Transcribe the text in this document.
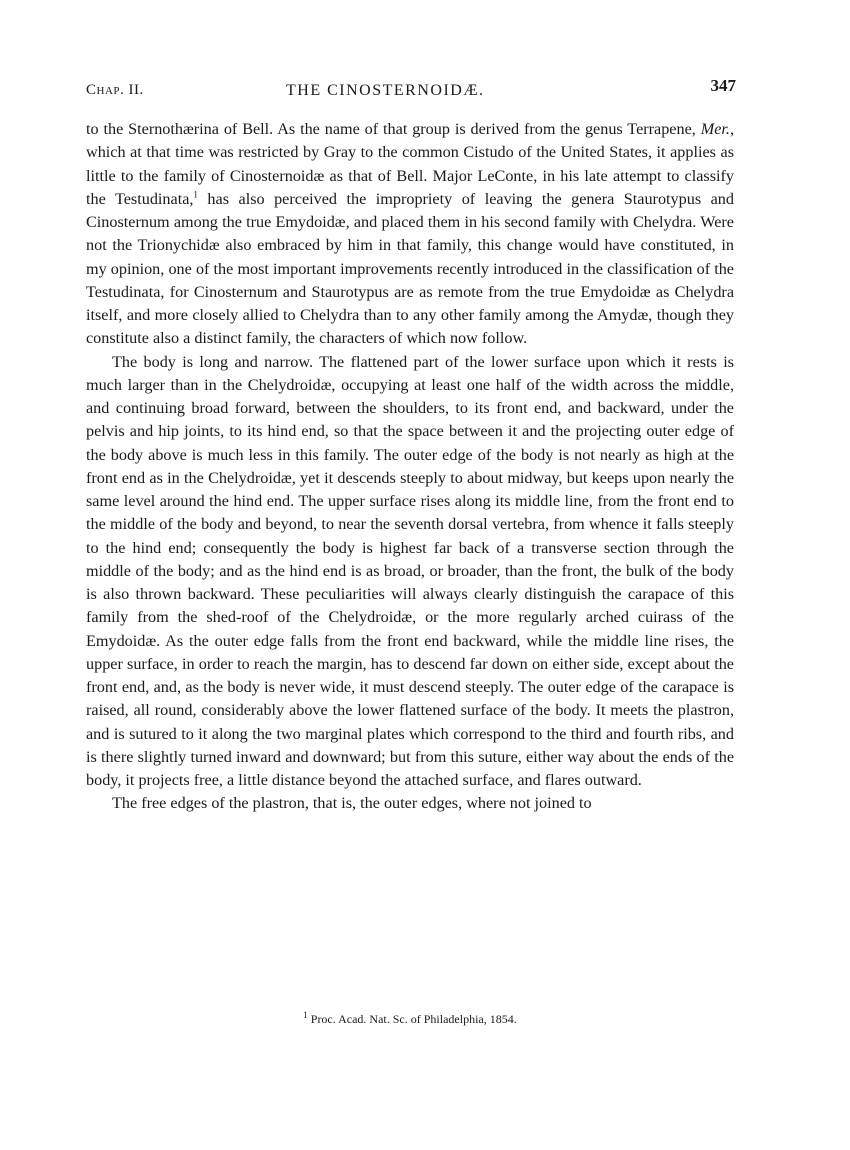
Chap. II.	THE CINOSTERNOIDÆ.	347

to the Sternothærina of Bell. As the name of that group is derived from the genus Terrapene, Mer., which at that time was restricted by Gray to the common Cistudo of the United States, it applies as little to the family of Cinosternoidæ as that of Bell. Major LeConte, in his late attempt to classify the Testudinata,$^1$ has also perceived the impropriety of leaving the genera Staurotypus and Cinosternum among the true Emydoidæ, and placed them in his second family with Chelydra. Were not the Trionychidæ also embraced by him in that family, this change would have constituted, in my opinion, one of the most important improvements recently introduced in the classification of the Testudinata, for Cinosternum and Staurotypus are as remote from the true Emydoidæ as Chelydra itself, and more closely allied to Chelydra than to any other family among the Amydæ, though they constitute also a distinct family, the characters of which now follow.

The body is long and narrow. The flattened part of the lower surface upon which it rests is much larger than in the Chelydroidæ, occupying at least one half of the width across the middle, and continuing broad forward, between the shoulders, to its front end, and backward, under the pelvis and hip joints, to its hind end, so that the space between it and the projecting outer edge of the body above is much less in this family. The outer edge of the body is not nearly as high at the front end as in the Chelydroidæ, yet it descends steeply to about midway, but keeps upon nearly the same level around the hind end. The upper surface rises along its middle line, from the front end to the middle of the body and beyond, to near the seventh dorsal vertebra, from whence it falls steeply to the hind end; consequently the body is highest far back of a transverse section through the middle of the body; and as the hind end is as broad, or broader, than the front, the bulk of the body is also thrown backward. These peculiarities will always clearly distinguish the carapace of this family from the shed-roof of the Chelydroidæ, or the more regularly arched cuirass of the Emydoidæ. As the outer edge falls from the front end backward, while the middle line rises, the upper surface, in order to reach the margin, has to descend far down on either side, except about the front end, and, as the body is never wide, it must descend steeply. The outer edge of the carapace is raised, all round, considerably above the lower flattened surface of the body. It meets the plastron, and is sutured to it along the two marginal plates which correspond to the third and fourth ribs, and is there slightly turned inward and downward; but from this suture, either way about the ends of the body, it projects free, a little distance beyond the attached surface, and flares outward.

The free edges of the plastron, that is, the outer edges, where not joined to

$^1$ Proc. Acad. Nat. Sc. of Philadelphia, 1854.
